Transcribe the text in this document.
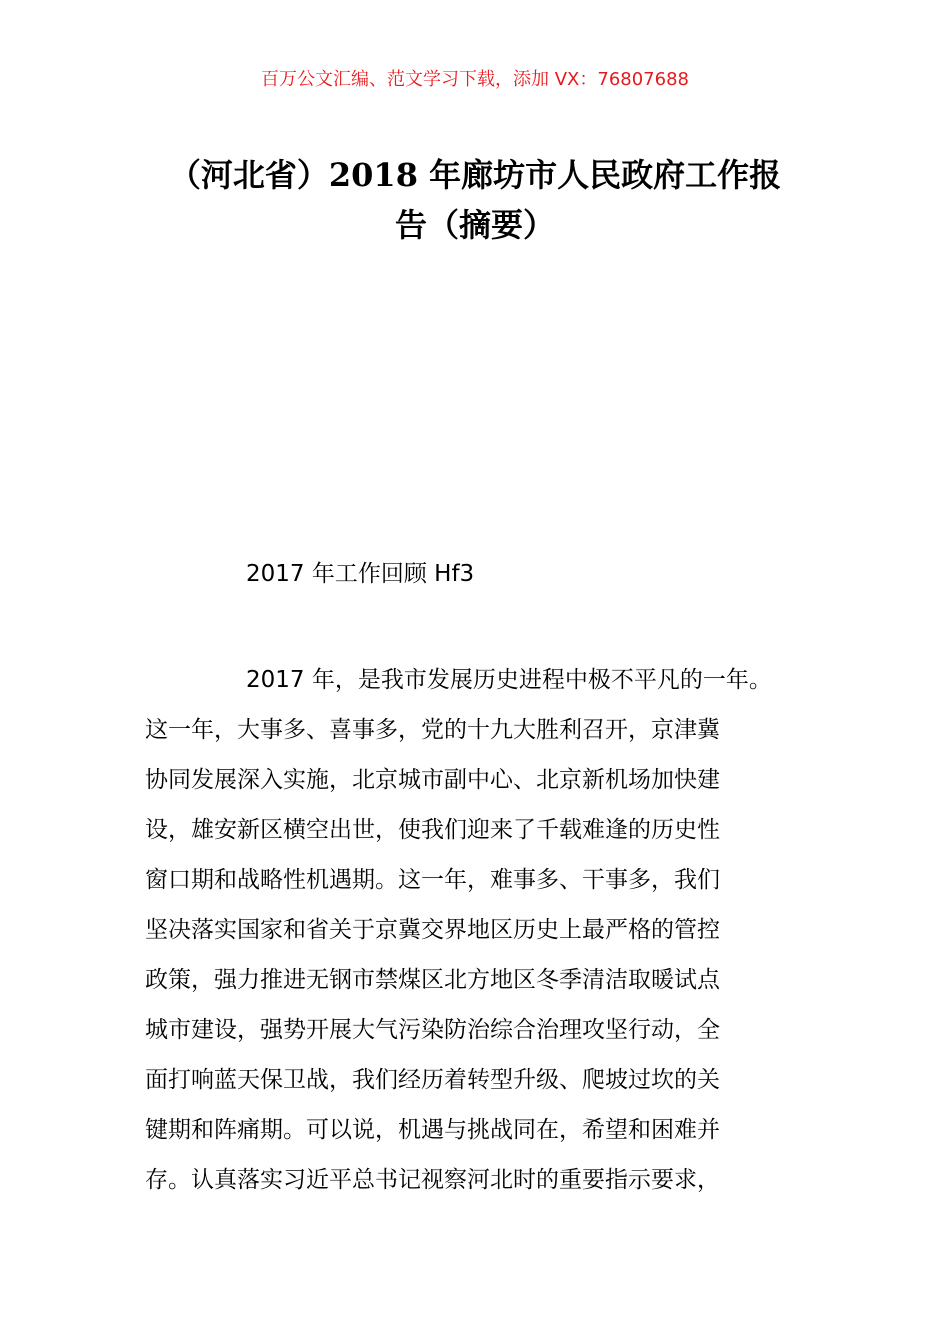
百万公文汇编、范文学习下载，添加 VX：76807688
（河北省）2018 年廊坊市人民政府工作报
告（摘要）
2017 年工作回顾 Hf3
2017 年，是我市发展历史进程中极不平凡的一年。
这一年，大事多、喜事多，党的十九大胜利召开，京津冀
协同发展深入实施，北京城市副中心、北京新机场加快建
设，雄安新区横空出世，使我们迎来了千载难逢的历史性
窗口期和战略性机遇期。这一年，难事多、干事多，我们
坚决落实国家和省关于京冀交界地区历史上最严格的管控
政策，强力推进无钢市禁煤区北方地区冬季清洁取暖试点
城市建设，强势开展大气污染防治综合治理攻坚行动，全
面打响蓝天保卫战，我们经历着转型升级、爬坡过坎的关
键期和阵痛期。可以说，机遇与挑战同在，希望和困难并
存。认真落实习近平总书记视察河北时的重要指示要求，
